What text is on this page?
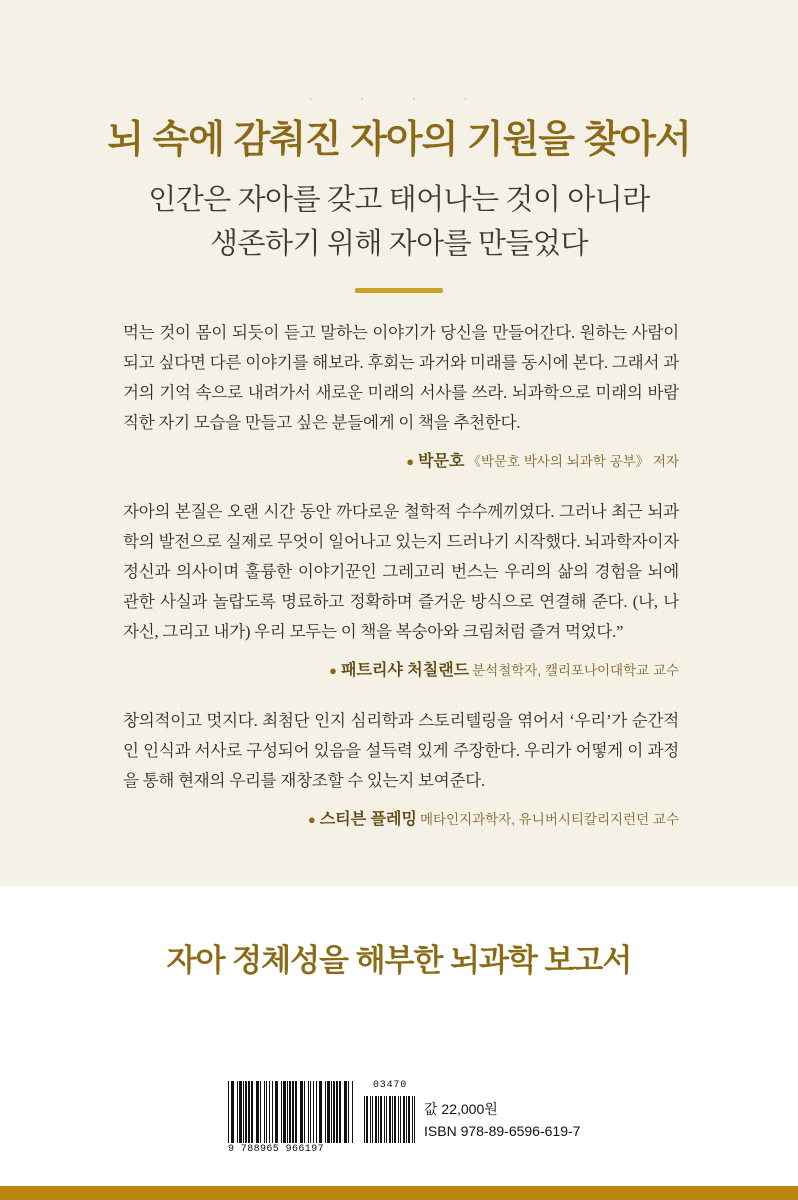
· · · ·
뇌 속에 감춰진 자아의 기원을 찾아서
인간은 자아를 갖고 태어나는 것이 아니라
생존하기 위해 자아를 만들었다

먹는 것이 몸이 되듯이 듣고 말하는 이야기가 당신을 만들어간다. 원하는 사람이 되고 싶다면 다른 이야기를 해보라. 후회는 과거와 미래를 동시에 본다. 그래서 과거의 기억 속으로 내려가서 새로운 미래의 서사를 쓰라. 뇌과학으로 미래의 바람직한 자기 모습을 만들고 싶은 분들에게 이 책을 추천한다.

● 박문호 《박문호 박사의 뇌과학 공부》 저자

자아의 본질은 오랜 시간 동안 까다로운 철학적 수수께끼였다. 그러나 최근 뇌과학의 발전으로 실제로 무엇이 일어나고 있는지 드러나기 시작했다. 뇌과학자이자 정신과 의사이며 훌륭한 이야기꾼인 그레고리 번스는 우리의 삶의 경험을 뇌에 관한 사실과 놀랍도록 명료하고 정확하며 즐거운 방식으로 연결해 준다. (나, 나 자신, 그리고 내가) 우리 모두는 이 책을 복숭아와 크림처럼 즐겨 먹었다.”

● 패트리샤 처칠랜드 분석철학자, 캘리포나이대학교 교수

창의적이고 멋지다. 최첨단 인지 심리학과 스토리텔링을 엮어서 ‘우리’가 순간적인 인식과 서사로 구성되어 있음을 설득력 있게 주장한다. 우리가 어떻게 이 과정을 통해 현재의 우리를 재창조할 수 있는지 보여준다.

● 스티븐 플레밍 메타인지과학자, 유니버시티칼리지런던 교수
자아 정체성을 해부한 뇌과학 보고서
9 788965 966197
03470
값 22,000원
ISBN 978-89-6596-619-7
